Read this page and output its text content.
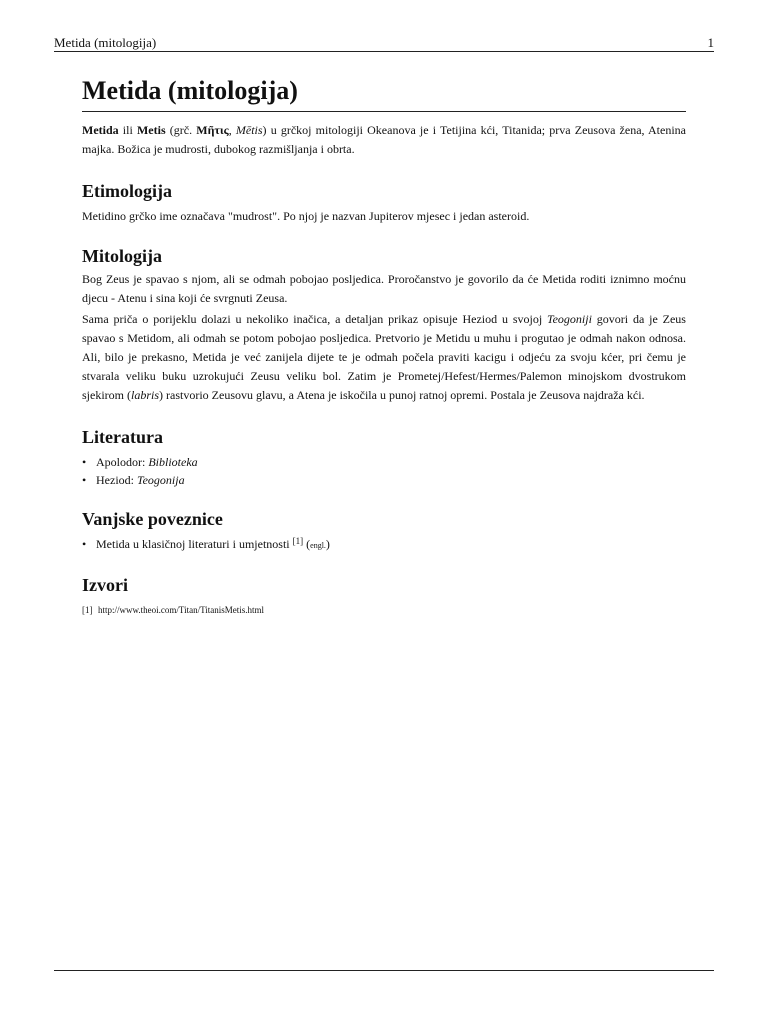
Metida (mitologija)	1
Metida (mitologija)

Metida ili Metis (grč. Μῆτις, Mētis) u grčkoj mitologiji Okeanova je i Tetijina kći, Titanida; prva Zeusova žena, Atenina majka. Božica je mudrosti, dubokog razmišljanja i obrta.

Etimologija

Metidino grčko ime označava "mudrost". Po njoj je nazvan Jupiterov mjesec i jedan asteroid.

Mitologija

Bog Zeus je spavao s njom, ali se odmah pobojao posljedica. Proročanstvo je govorilo da će Metida roditi iznimno moćnu djecu - Atenu i sina koji će svrgnuti Zeusa.

Sama priča o porijeklu dolazi u nekoliko inačica, a detaljan prikaz opisuje Heziod u svojoj Teogoniji govori da je Zeus spavao s Metidom, ali odmah se potom pobojao posljedica. Pretvorio je Metidu u muhu i progutao je odmah nakon odnosa. Ali, bilo je prekasno, Metida je već zanijela dijete te je odmah počela praviti kacigu i odjeću za svoju kćer, pri čemu je stvarala veliku buku uzrokujući Zeusu veliku bol. Zatim je Prometej/Hefest/Hermes/Palemon minojskom dvostrukom sjekirom (labris) rastvorio Zeusovu glavu, a Atena je iskočila u punoj ratnoj opremi. Postala je Zeusova najdraža kći.

Literatura
• Apolodor: Biblioteka
• Heziod: Teogonija
Vanjske poveznice
• Metida u klasičnoj literaturi i umjetnosti [1] (engl.)
Izvori
[1] http://www.theoi.com/Titan/TitanisMetis.html
